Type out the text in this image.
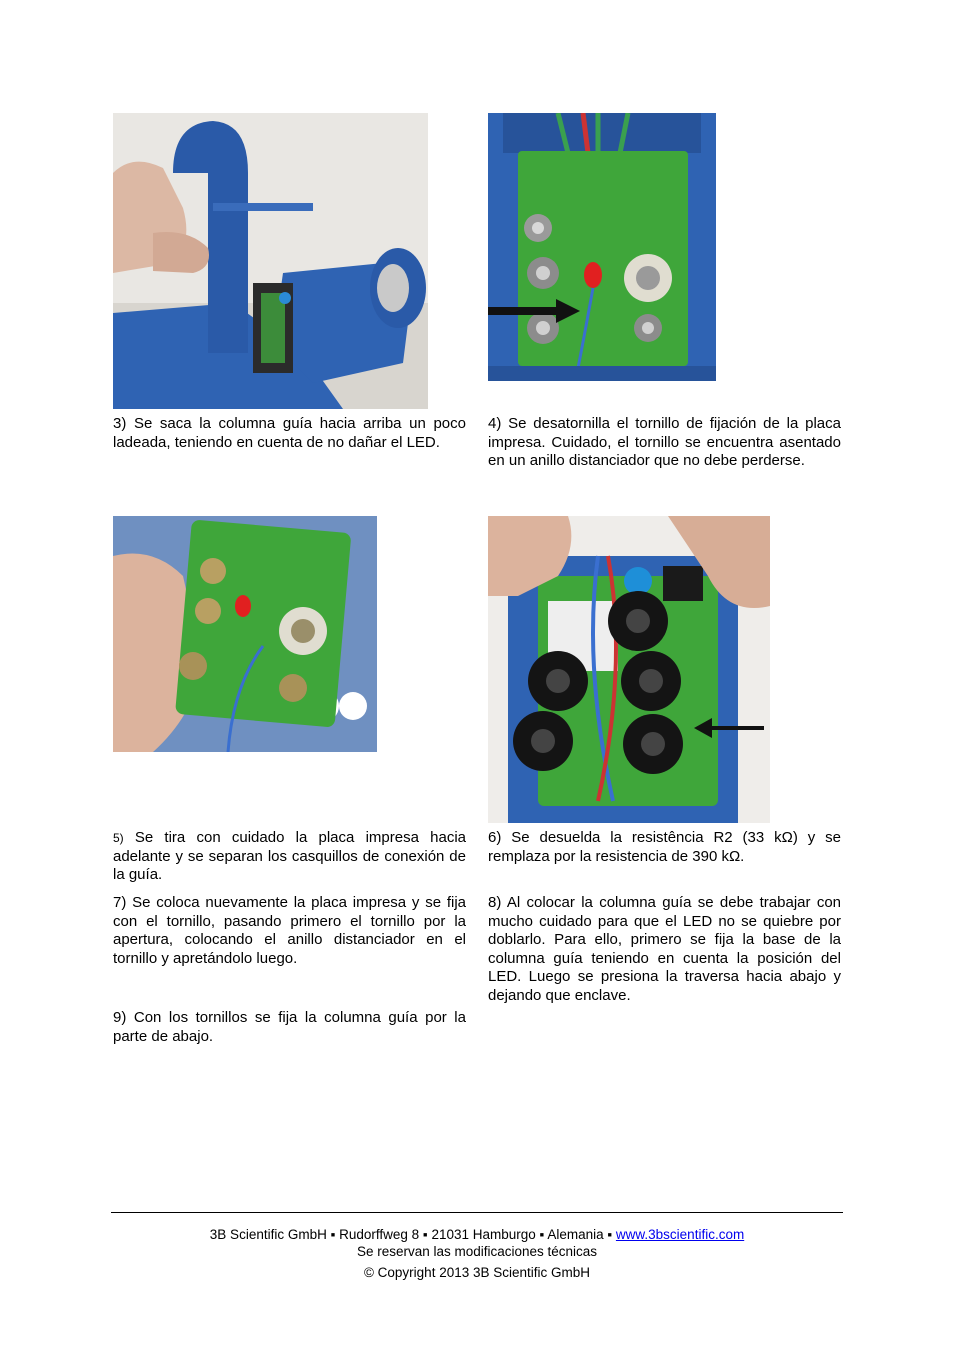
3) Se saca la columna guía hacia arriba un poco ladeada, teniendo en cuenta de no dañar el LED.

4) Se desatornilla el tornillo de fijación de la placa impresa. Cuidado, el tornillo se encuentra asentado en un anillo distanciador que no debe perderse.

5) Se tira con cuidado la placa impresa hacia adelante y se separan los casquillos de conexión de la guía.

6) Se desuelda la resistência R2 (33 kΩ) y se remplaza por la resistencia de 390 kΩ.

7) Se coloca nuevamente la placa impresa y se fija con el tornillo, pasando primero el tornillo por la apertura, colocando el anillo distanciador en el tornillo y apretándolo luego.

8) Al colocar la columna guía se debe trabajar con mucho cuidado para que el LED no se quiebre por doblarlo. Para ello, primero se fija la base de la columna guía teniendo en cuenta la posición del LED. Luego se presiona la traversa hacia abajo y dejando que enclave.

9) Con los tornillos se fija la columna guía por la parte de abajo.

3B Scientific GmbH ▪ Rudorffweg 8 ▪ 21031 Hamburgo ▪ Alemania ▪ www.3bscientific.com
Se reservan las modificaciones técnicas
© Copyright 2013 3B Scientific GmbH
